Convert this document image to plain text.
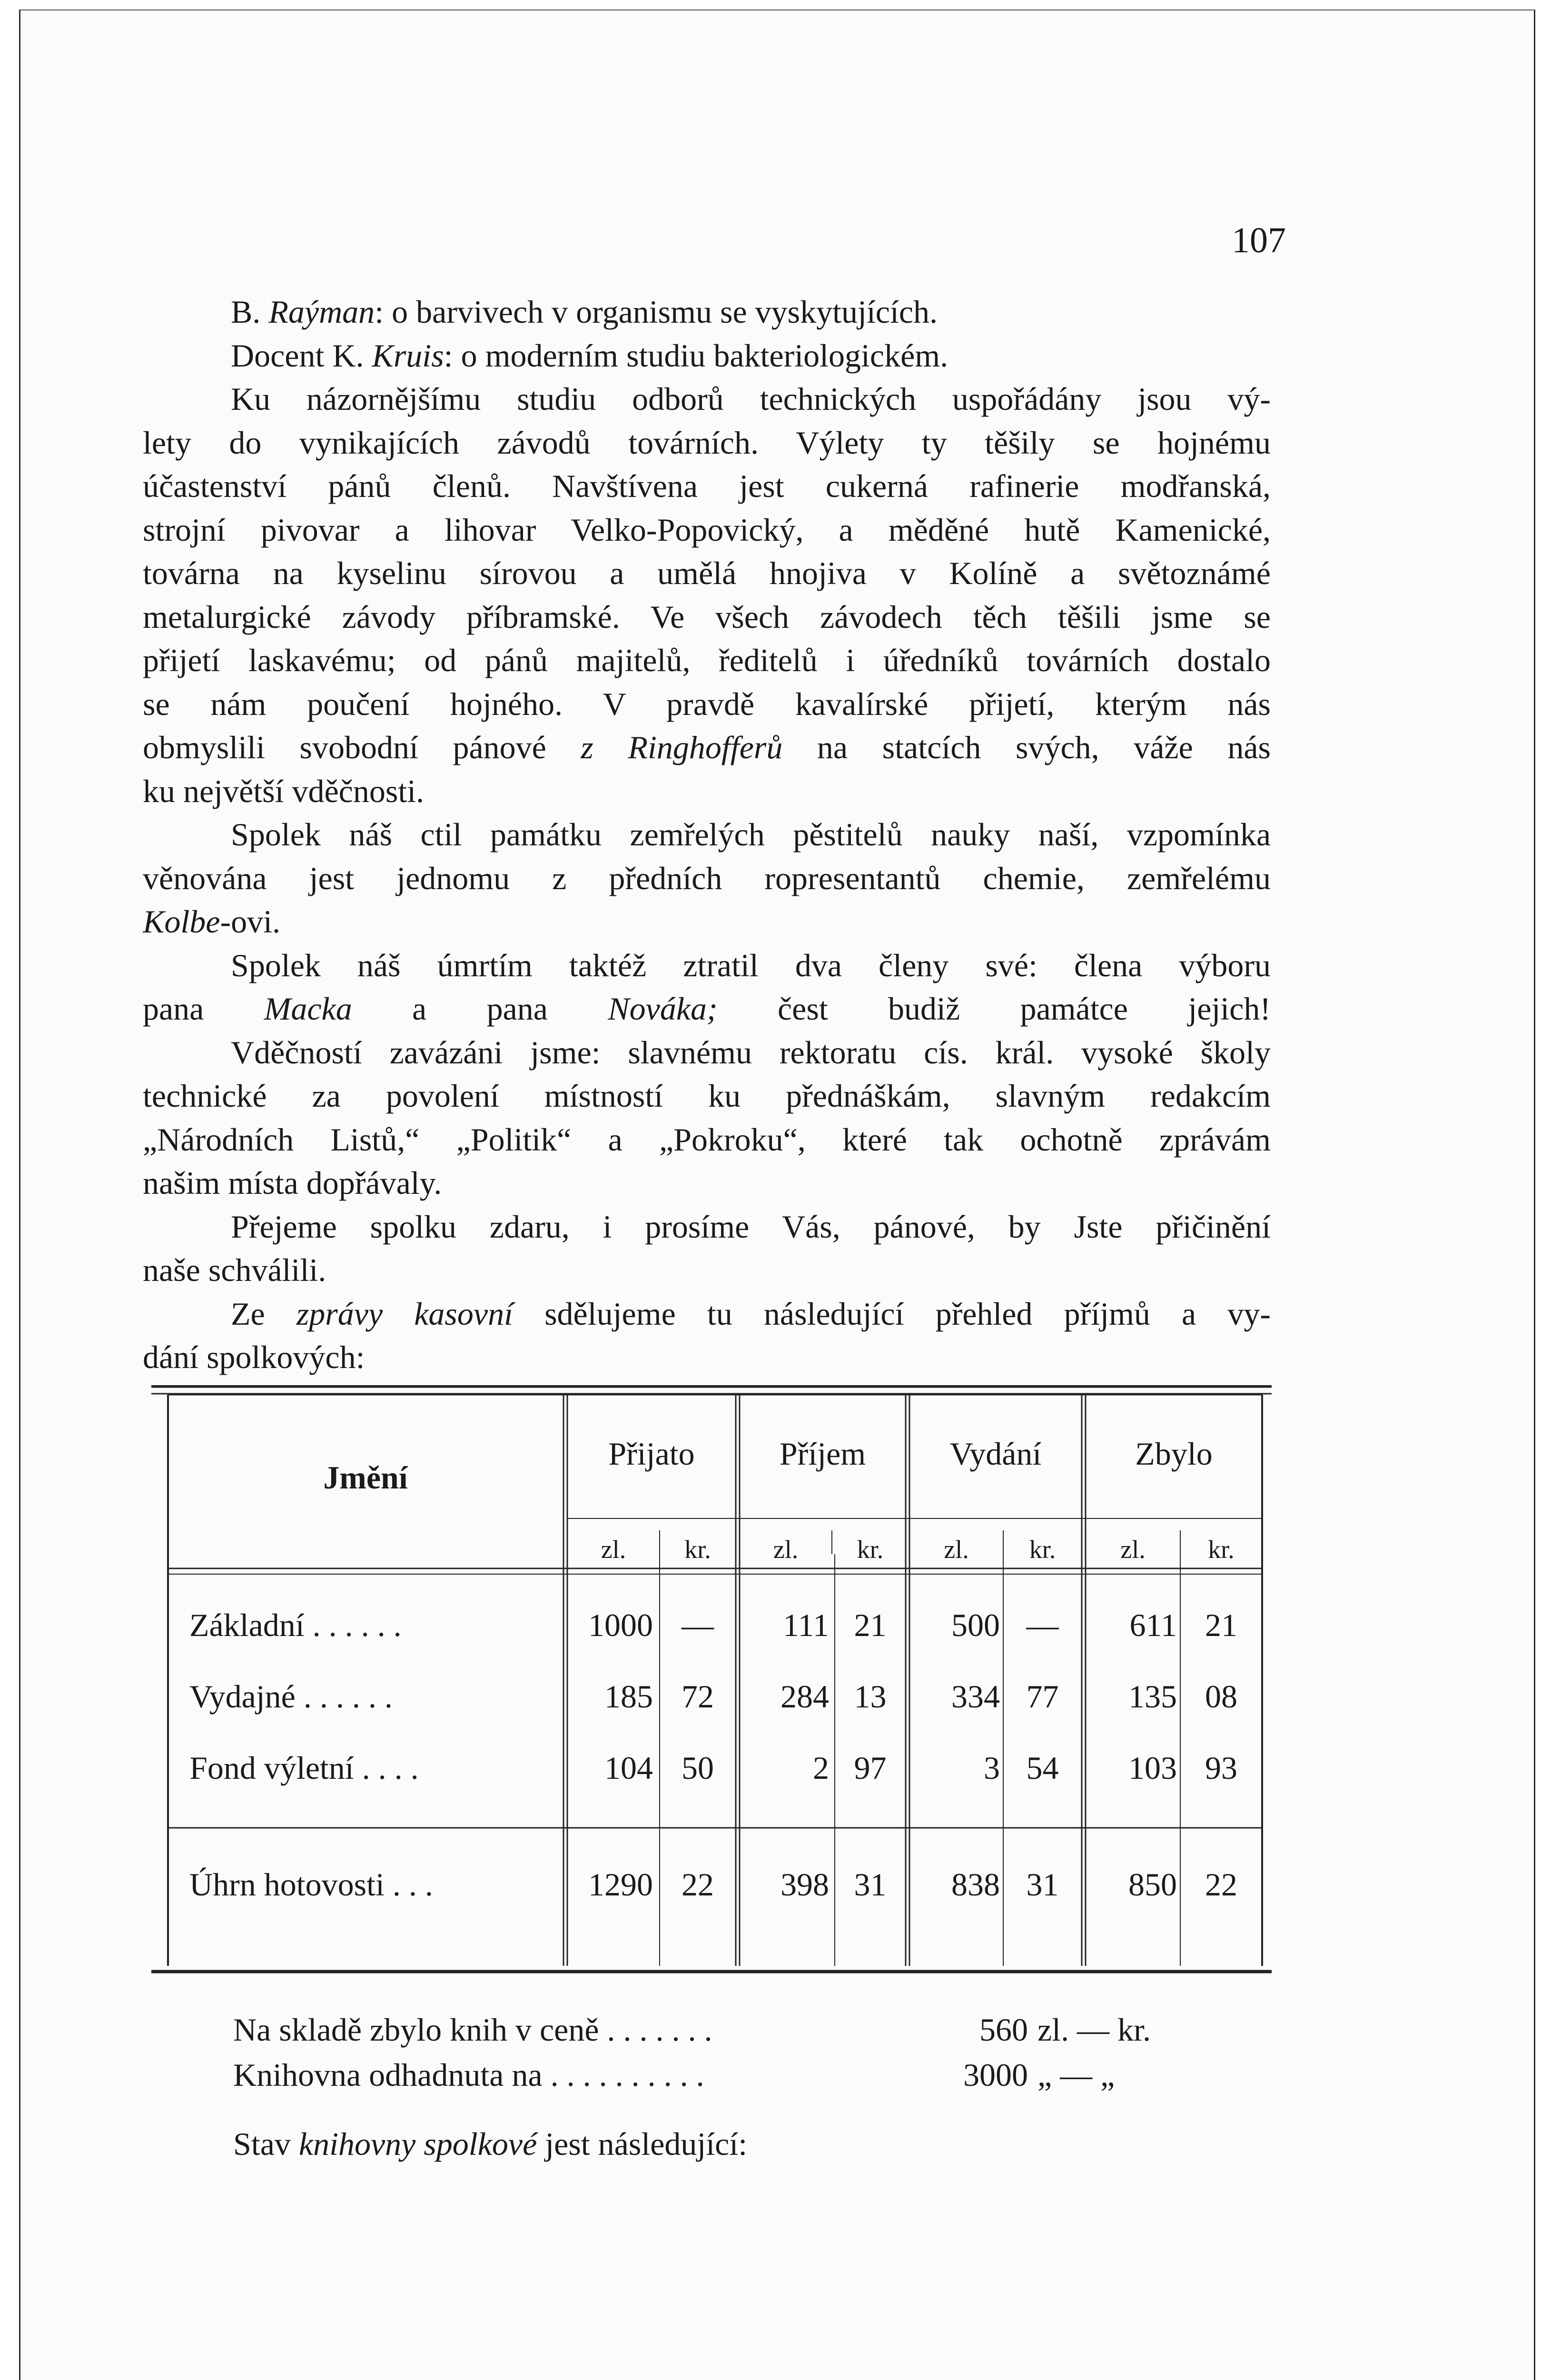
107
B. Raýman: o barvivech v organismu se vyskytujících.
Docent K. Kruis: o moderním studiu bakteriologickém.
Ku názornějšímu studiu odborů technických uspořádány jsou vý-
lety do vynikajících závodů továrních. Výlety ty těšily se hojnému
účastenství pánů členů. Navštívena jest cukerná rafinerie modřanská,
strojní pivovar a lihovar Velko-Popovický, a měděné hutě Kamenické,
továrna na kyselinu sírovou a umělá hnojiva v Kolíně a světoznámé
metalurgické závody příbramské. Ve všech závodech těch těšili jsme se
přijetí laskavému; od pánů majitelů, ředitelů i úředníků továrních dostalo
se nám poučení hojného. V pravdě kavalírské přijetí, kterým nás
obmyslili svobodní pánové z Ringhofferů na statcích svých, váže nás
ku největší vděčnosti.
Spolek náš ctil památku zemřelých pěstitelů nauky naší, vzpomínka
věnována jest jednomu z předních ropresentantů chemie, zemřelému
Kolbe-ovi.
Spolek náš úmrtím taktéž ztratil dva členy své: člena výboru
pana Macka a pana Nováka; čest budiž památce jejich!
Vděčností zavázáni jsme: slavnému rektoratu cís. král. vysoké školy
technické za povolení místností ku přednáškám, slavným redakcím
„Národních Listů,“ „Politik“ a „Pokroku“, které tak ochotně zprávám
našim místa dopřávaly.
Přejeme spolku zdaru, i prosíme Vás, pánové, by Jste přičinění
naše schválili.
Ze zprávy kasovní sdělujeme tu následující přehled příjmů a vy-
dání spolkových:
Jmění
Přijato	Příjem	Vydání	Zbylo
zl.	kr.	zl.	kr.	zl.	kr.	zl.	kr.
Základní . . . . . .	1000 —	111 21	500 —	611 21
Vydajné . . . . . .	185 72	284 13	334 77	135 08
Fond výletní . . . .	104 50	2 97	3 54	103 93
Úhrn hotovosti . . .	1290 22	398 31	838 31	850 22
Na skladě zbylo knih v ceně . . . . . . .	560 zl. — kr.
Knihovna odhadnuta na . . . . . . . . . .	3000 „ — „
Stav knihovny spolkové jest následující:
